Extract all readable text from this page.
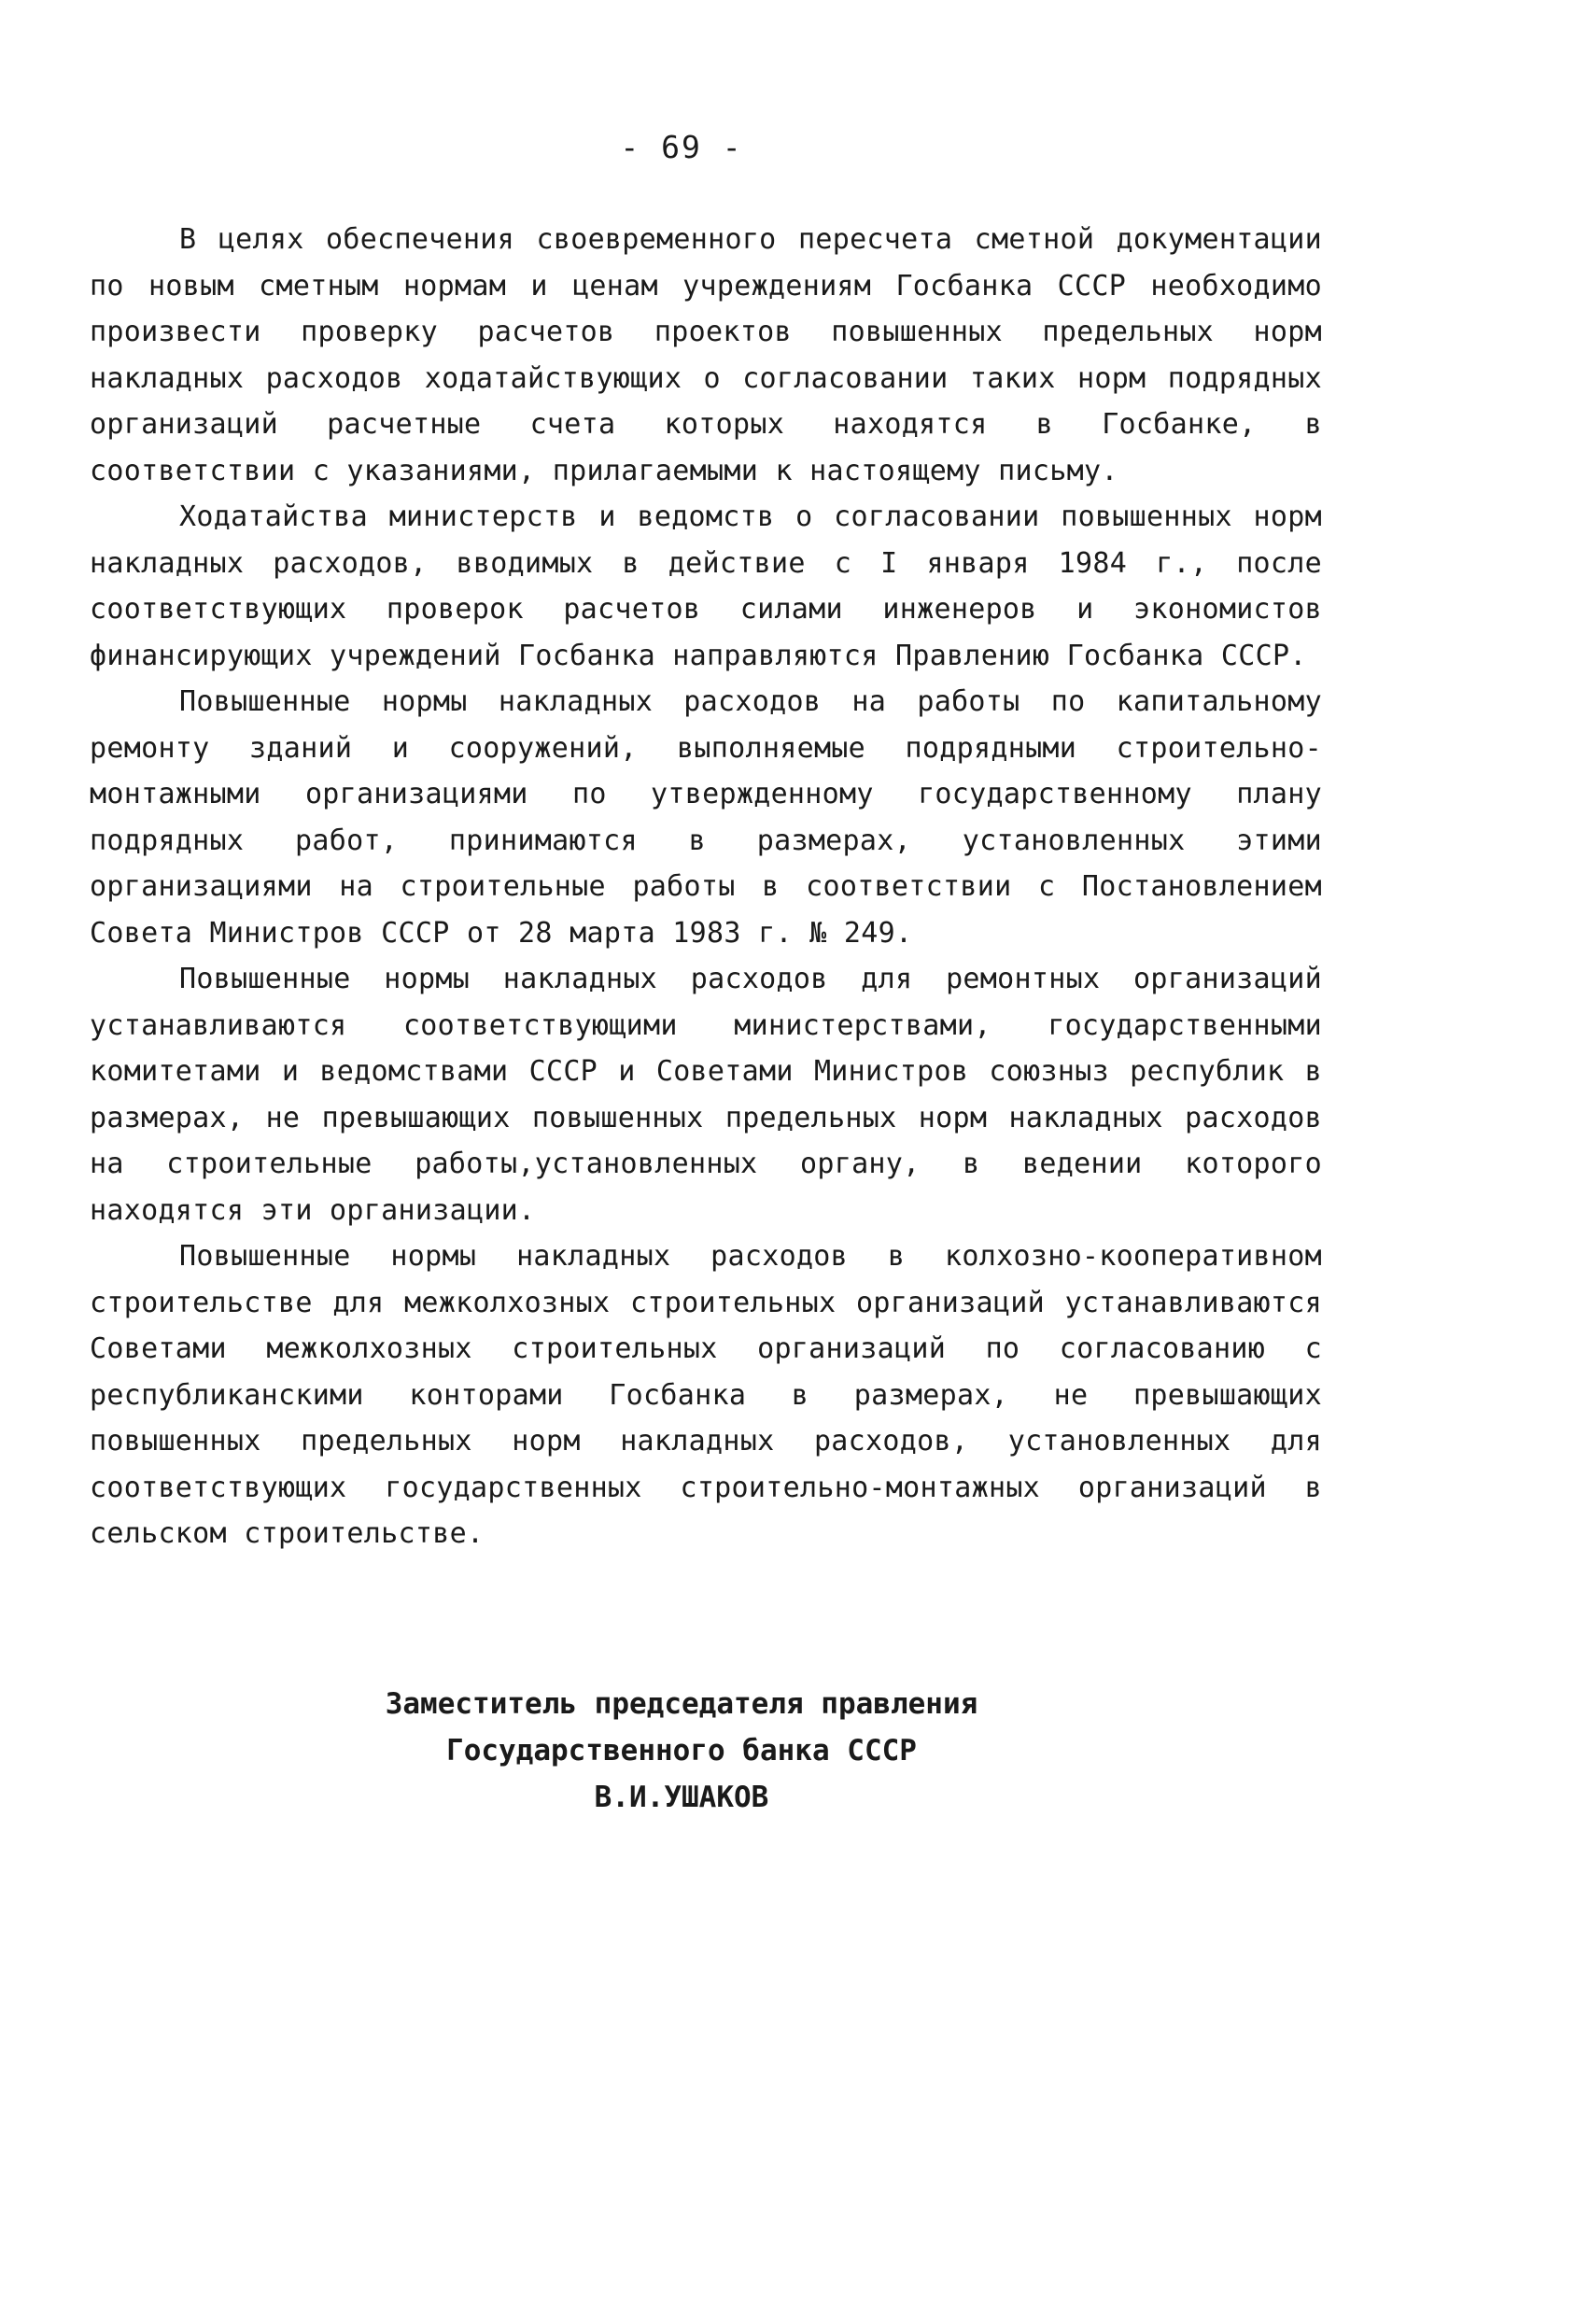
- 69 -

В целях обеспечения своевременного пересчета сметной документации по новым сметным нормам и ценам учреждениям Госбанка СССР необходимо произвести проверку расчетов проектов повышенных предельных норм накладных расходов ходатайствующих о согласовании таких норм подрядных организаций расчетные счета которых находятся в Госбанке, в соответствии с указаниями, прилагаемыми к настоящему письму.

Ходатайства министерств и ведомств о согласовании повышенных норм накладных расходов, вводимых в действие с I января 1984 г., после соответствующих проверок расчетов силами инженеров и экономистов финансирующих учреждений Госбанка направляются Правлению Госбанка СССР.

Повышенные нормы накладных расходов на работы по капитальному ремонту зданий и сооружений, выполняемые подрядными строительно-монтажными организациями по утвержденному государственному плану подрядных работ, принимаются в размерах, установленных этими организациями на строительные работы в соответствии с Постановлением Совета Министров СССР от 28 марта 1983 г. № 249.

Повышенные нормы накладных расходов для ремонтных организаций устанавливаются соответствующими министерствами, государственными комитетами и ведомствами СССР и Советами Министров союзныз республик в размерах, не превышающих повышенных предельных норм накладных расходов на строительные работы,установленных органу, в ведении которого находятся эти организации.

Повышенные нормы накладных расходов в колхозно-кооперативном строительстве для межколхозных строительных организаций устанавливаются Советами межколхозных строительных организаций по согласованию с республиканскими конторами Госбанка в размерах, не превышающих повышенных предельных норм накладных расходов, установленных для соответствующих государственных строительно-монтажных организаций в сельском строительстве.

Заместитель председателя правления
Государственного банка СССР
В.И.УШАКОВ
